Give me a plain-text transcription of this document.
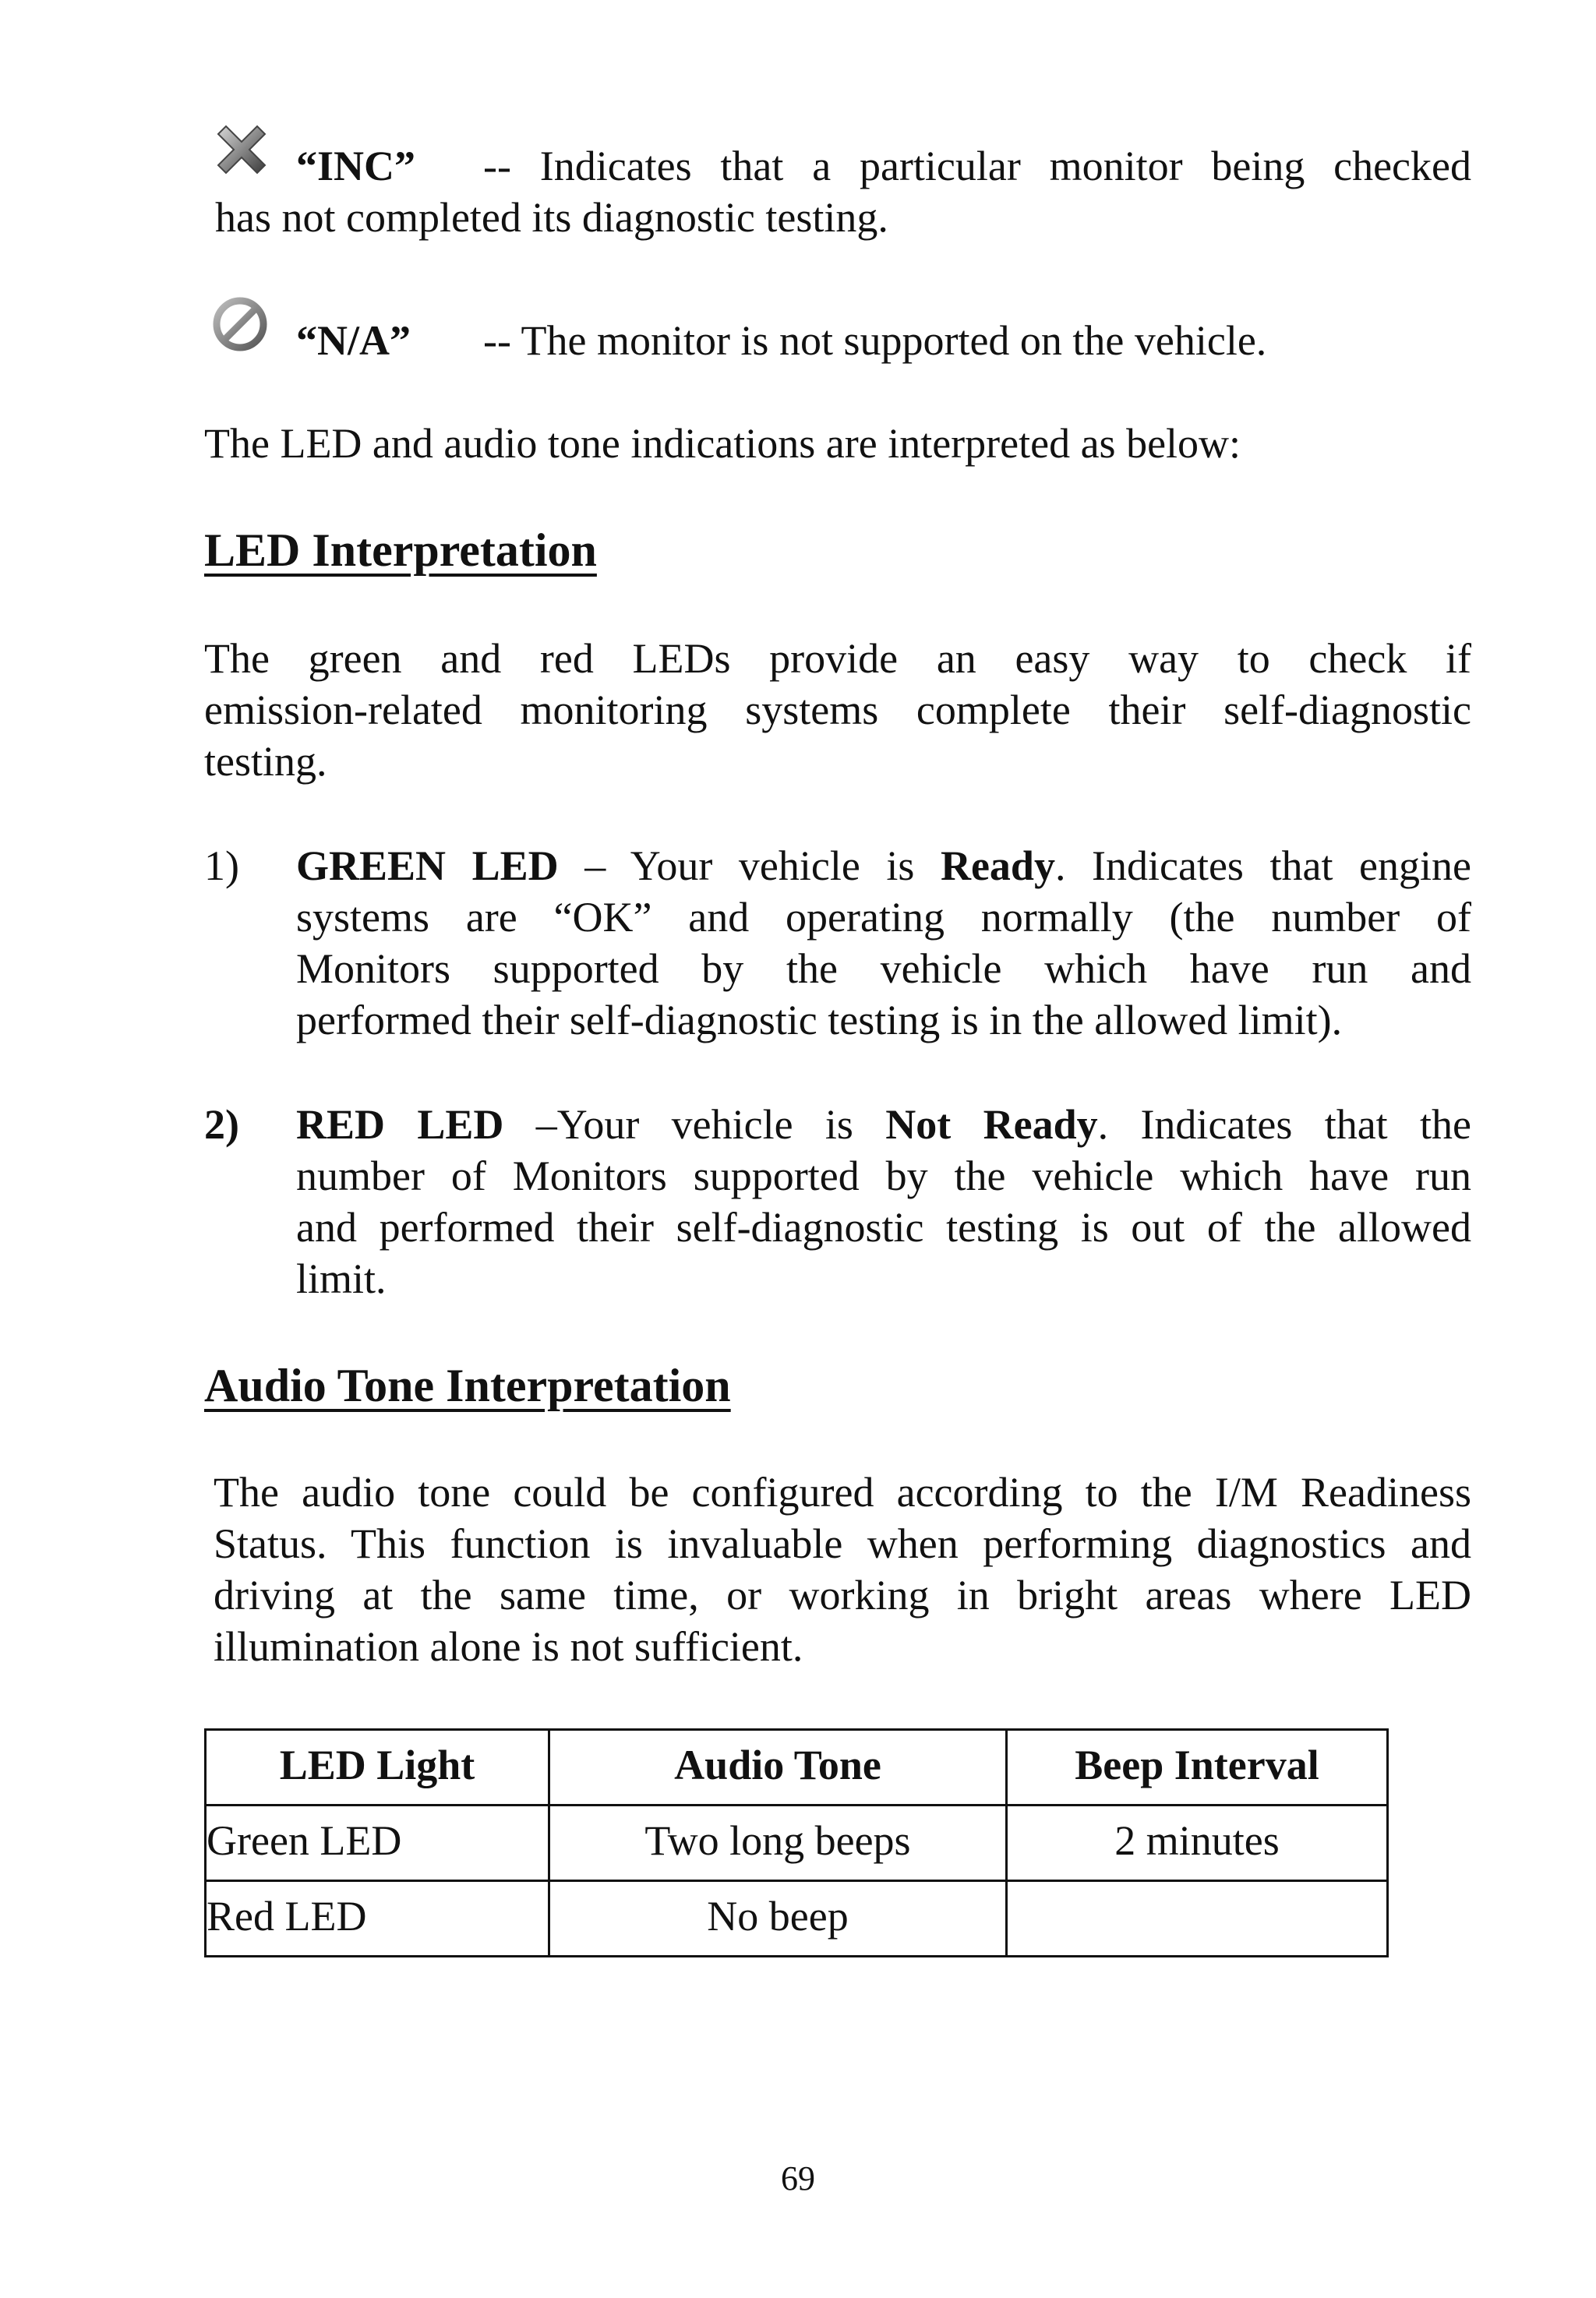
“INC” -- Indicates that a particular monitor being checked
has not completed its diagnostic testing.
“N/A” -- The monitor is not supported on the vehicle.
The LED and audio tone indications are interpreted as below:
LED Interpretation
The green and red LEDs provide an easy way to check if
emission-related monitoring systems complete their self-diagnostic
testing.
1) GREEN LED – Your vehicle is Ready. Indicates that engine
systems are “OK” and operating normally (the number of
Monitors supported by the vehicle which have run and
performed their self-diagnostic testing is in the allowed limit).
2) RED LED –Your vehicle is Not Ready. Indicates that the
number of Monitors supported by the vehicle which have run
and performed their self-diagnostic testing is out of the allowed
limit.
Audio Tone Interpretation
The audio tone could be configured according to the I/M Readiness
Status. This function is invaluable when performing diagnostics and
driving at the same time, or working in bright areas where LED
illumination alone is not sufficient.
LED Light	Audio Tone	Beep Interval
Green LED	Two long beeps	2 minutes
Red LED	No beep	
69
